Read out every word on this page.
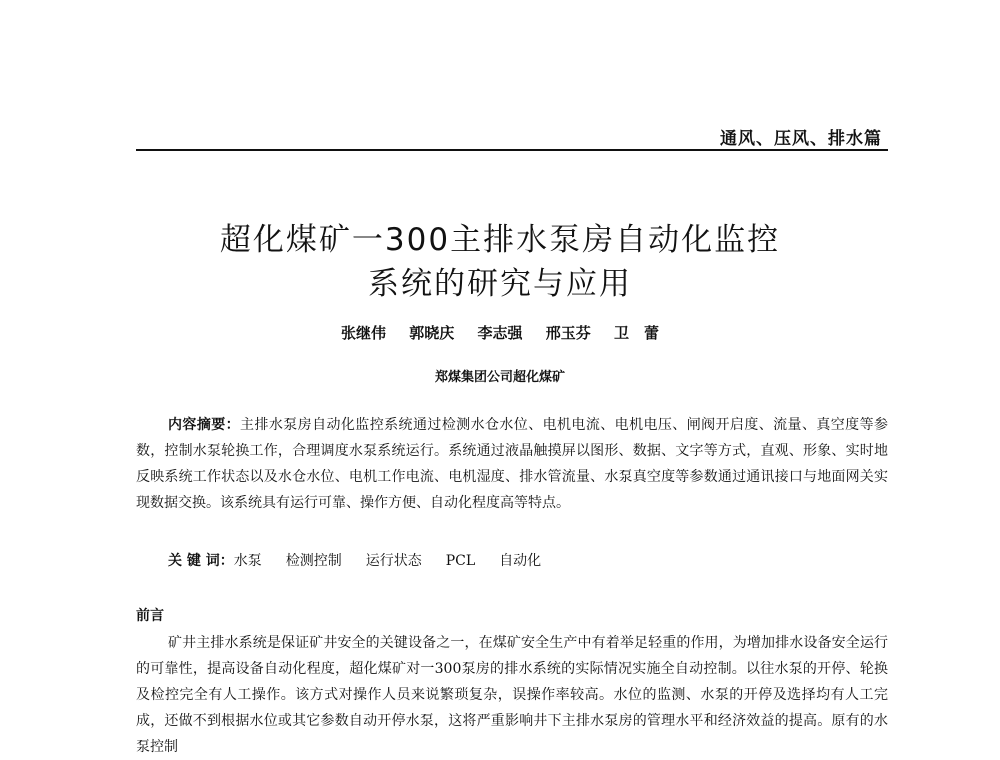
通风、压风、排水篇
超化煤矿一300主排水泵房自动化监控
系统的研究与应用
张继伟 郭晓庆 李志强 邢玉芬 卫　蕾
郑煤集团公司超化煤矿

内容摘要：主排水泵房自动化监控系统通过检测水仓水位、电机电流、电机电压、闸阀开启度、流量、真空度等参数，控制水泵轮换工作，合理调度水泵系统运行。系统通过液晶触摸屏以图形、数据、文字等方式，直观、形象、实时地反映系统工作状态以及水仓水位、电机工作电流、电机湿度、排水管流量、水泵真空度等参数通过通讯接口与地面网关实现数据交换。该系统具有运行可靠、操作方便、自动化程度高等特点。

关 键 词：水泵 检测控制 运行状态 PCL 自动化
前言

矿井主排水系统是保证矿井安全的关键设备之一，在煤矿安全生产中有着举足轻重的作用，为增加排水设备安全运行的可靠性，提高设备自动化程度，超化煤矿对一300泵房的排水系统的实际情况实施全自动控制。以往水泵的开停、轮换及检控完全有人工操作。该方式对操作人员来说繁琐复杂，误操作率较高。水位的监测、水泵的开停及选择均有人工完成，还做不到根据水位或其它参数自动开停水泵，这将严重影响井下主排水泵房的管理水平和经济效益的提高。原有的水泵控制
